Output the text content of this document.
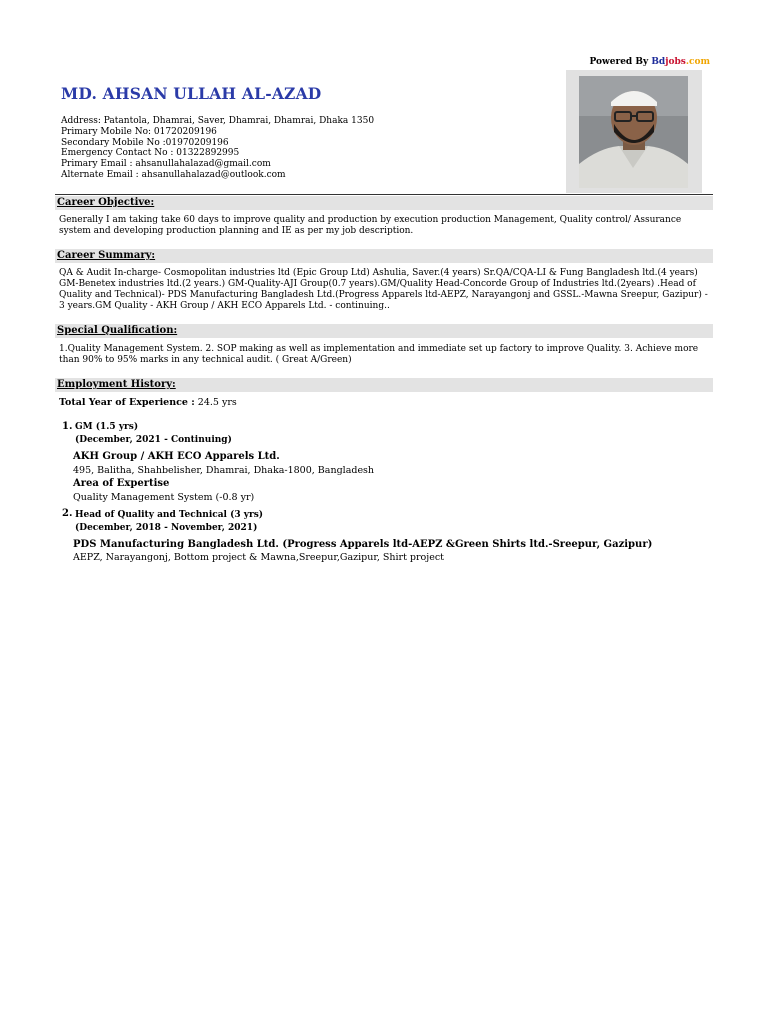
Powered By Bdjobs.com
MD. AHSAN ULLAH AL-AZAD
Address: Patantola, Dhamrai, Saver, Dhamrai, Dhamrai, Dhaka 1350
Primary Mobile No: 01720209196
Secondary Mobile No :01970209196
Emergency Contact No : 01322892995
Primary Email : ahsanullahalazad@gmail.com
Alternate Email : ahsanullahalazad@outlook.com
Career Objective:
Generally I am taking take 60 days to improve quality and production by execution production Management, Quality control/ Assurance system and developing production planning and IE as per my job description.
Career Summary:
QA & Audit In-charge- Cosmopolitan industries ltd (Epic Group Ltd) Ashulia, Saver.(4 years) Sr.QA/CQA-LI & Fung Bangladesh ltd.(4 years) GM-Benetex industries ltd.(2 years.) GM-Quality-AJI Group(0.7 years).GM/Quality Head-Concorde Group of Industries ltd.(2years) .Head of Quality and Technical)- PDS Manufacturing Bangladesh Ltd.(Progress Apparels ltd-AEPZ, Narayangonj and GSSL.-Mawna Sreepur, Gazipur) - 3 years.GM Quality - AKH Group / AKH ECO Apparels Ltd. - continuing..
Special Qualification:
1.Quality Management System. 2. SOP making as well as implementation and immediate set up factory to improve Quality. 3. Achieve more than 90% to 95% marks in any technical audit. ( Great A/Green)
Employment History:
Total Year of Experience : 24.5 yrs
1. GM (1.5 yrs)
(December, 2021 - Continuing)
AKH Group / AKH ECO Apparels Ltd.
495, Balitha, Shahbelisher, Dhamrai, Dhaka-1800, Bangladesh
Area of Expertise
Quality Management System (-0.8 yr)
2. Head of Quality and Technical (3 yrs)
(December, 2018 - November, 2021)
PDS Manufacturing Bangladesh Ltd. (Progress Apparels ltd-AEPZ &Green Shirts ltd.-Sreepur, Gazipur)
AEPZ, Narayangonj, Bottom project & Mawna,Sreepur,Gazipur, Shirt project
